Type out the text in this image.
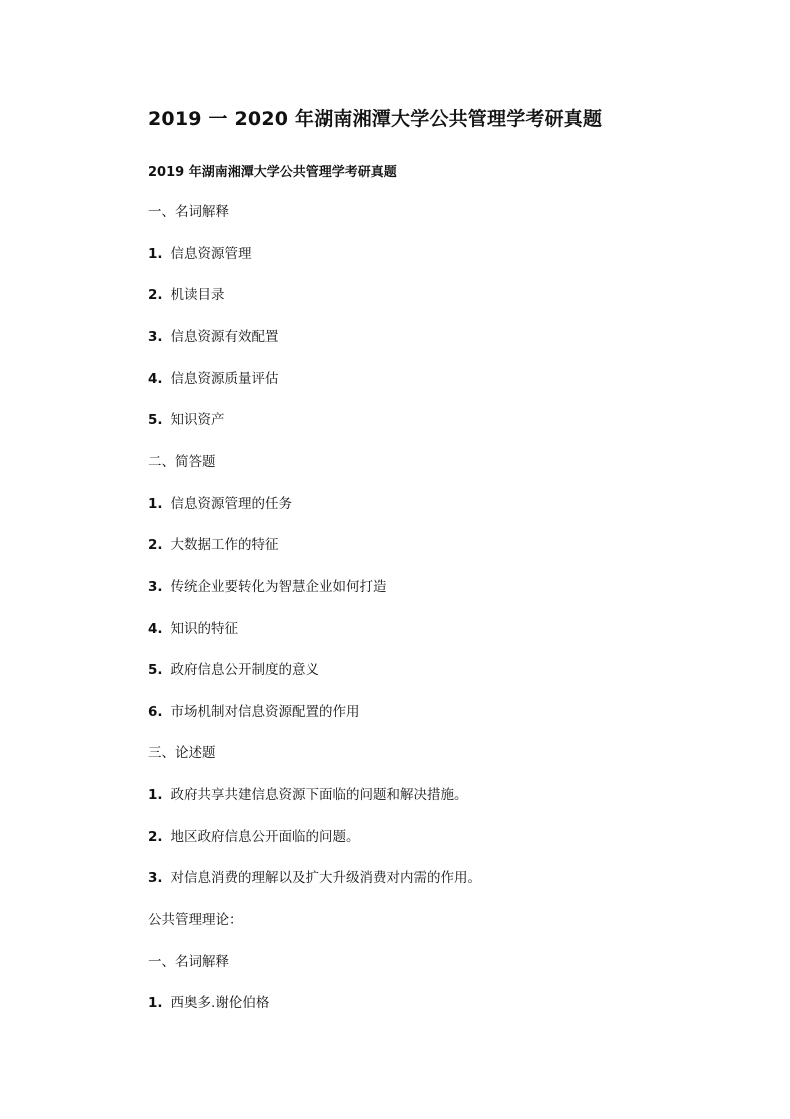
2019 一 2020 年湖南湘潭大学公共管理学考研真题
2019 年湖南湘潭大学公共管理学考研真题
一、名词解释
1. 信息资源管理
2. 机读目录
3. 信息资源有效配置
4. 信息资源质量评估
5. 知识资产
二、简答题
1. 信息资源管理的任务
2. 大数据工作的特征
3. 传统企业要转化为智慧企业如何打造
4. 知识的特征
5. 政府信息公开制度的意义
6. 市场机制对信息资源配置的作用
三、论述题
1. 政府共享共建信息资源下面临的问题和解决措施。
2. 地区政府信息公开面临的问题。
3. 对信息消费的理解以及扩大升级消费对内需的作用。
公共管理理论：
一、名词解释
1. 西奥多.谢伦伯格
